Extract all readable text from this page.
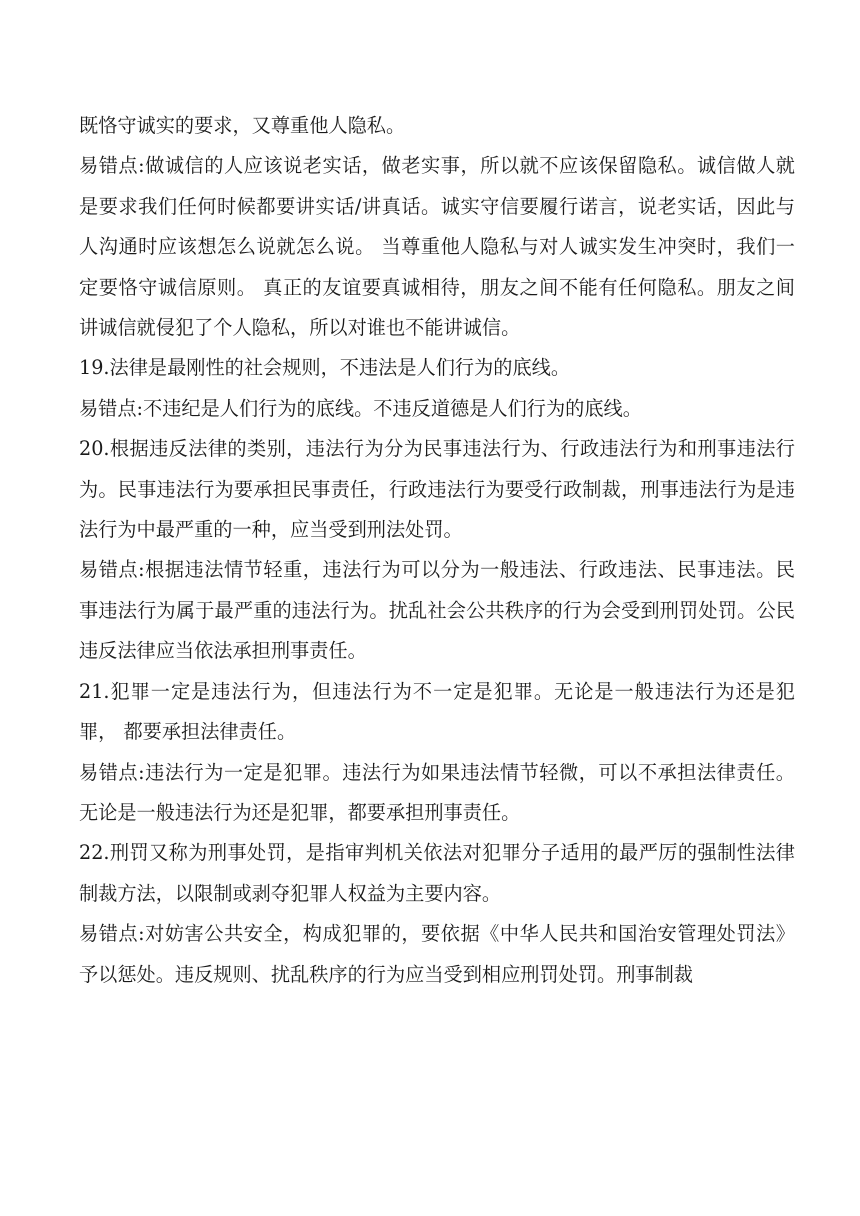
既恪守诚实的要求，又尊重他人隐私。

易错点:做诚信的人应该说老实话，做老实事，所以就不应该保留隐私。诚信做人就是要求我们任何时候都要讲实话/讲真话。诚实守信要履行诺言，说老实话，因此与人沟通时应该想怎么说就怎么说。 当尊重他人隐私与对人诚实发生冲突时，我们一定要恪守诚信原则。 真正的友谊要真诚相待，朋友之间不能有任何隐私。朋友之间讲诚信就侵犯了个人隐私，所以对谁也不能讲诚信。

19.法律是最刚性的社会规则，不违法是人们行为的底线。

易错点:不违纪是人们行为的底线。不违反道德是人们行为的底线。

20.根据违反法律的类别，违法行为分为民事违法行为、行政违法行为和刑事违法行为。民事违法行为要承担民事责任，行政违法行为要受行政制裁，刑事违法行为是违法行为中最严重的一种，应当受到刑法处罚。

易错点:根据违法情节轻重，违法行为可以分为一般违法、行政违法、民事违法。民事违法行为属于最严重的违法行为。扰乱社会公共秩序的行为会受到刑罚处罚。公民违反法律应当依法承担刑事责任。

21.犯罪一定是违法行为，但违法行为不一定是犯罪。无论是一般违法行为还是犯罪， 都要承担法律责任。

易错点:违法行为一定是犯罪。违法行为如果违法情节轻微，可以不承担法律责任。 无论是一般违法行为还是犯罪，都要承担刑事责任。

22.刑罚又称为刑事处罚，是指审判机关依法对犯罪分子适用的最严厉的强制性法律制裁方法，以限制或剥夺犯罪人权益为主要内容。

易错点:对妨害公共安全，构成犯罪的，要依据《中华人民共和国治安管理处罚法》 予以惩处。违反规则、扰乱秩序的行为应当受到相应刑罚处罚。刑事制裁
